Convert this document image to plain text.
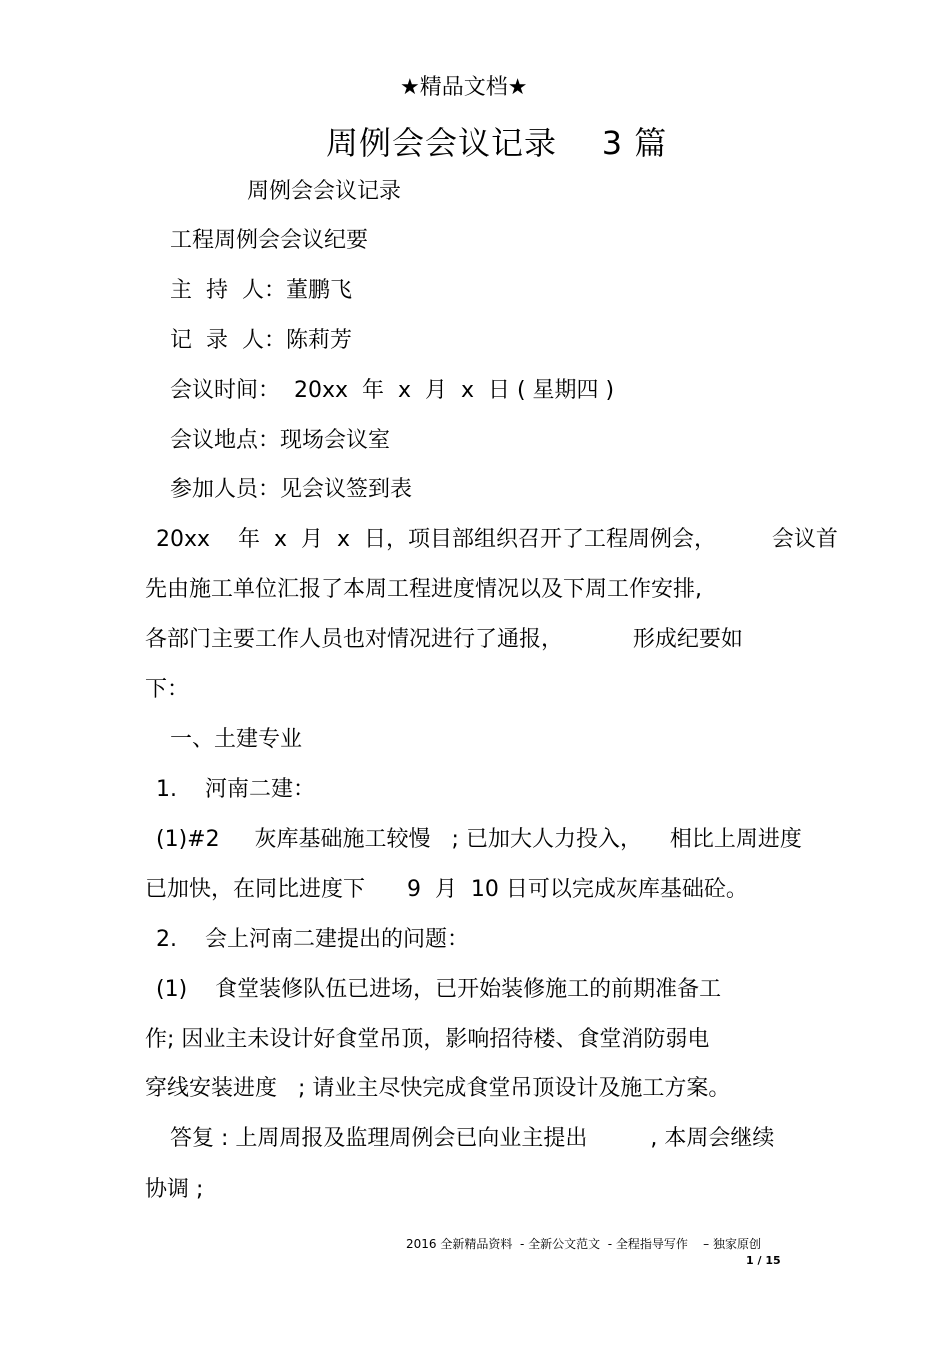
★精品文档★
周例会会议记录    3 篇
周例会会议记录
工程周例会会议纪要
主  持  人：董鹏飞
记  录  人：陈莉芳
会议时间：  20xx  年  x  月  x  日 ( 星期四 )
会议地点：现场会议室
参加人员：见会议签到表
20xx    年  x  月  x  日，项目部组织召开了工程周例会，        会议首
先由施工单位汇报了本周工程进度情况以及下周工作安排,
各部门主要工作人员也对情况进行了通报，          形成纪要如
下：
一、土建专业
1.    河南二建：
(1)#2     灰库基础施工较慢   ; 已加大人力投入，    相比上周进度
已加快，在同比进度下      9  月  10 日可以完成灰库基础砼。
2.    会上河南二建提出的问题：
(1)    食堂装修队伍已进场，已开始装修施工的前期准备工
作; 因业主未设计好食堂吊顶，影响招待楼、食堂消防弱电
穿线安装进度   ; 请业主尽快完成食堂吊顶设计及施工方案。
答复 : 上周周报及监理周例会已向业主提出         , 本周会继续
协调 ;
2016 全新精品资料  - 全新公文范文  - 全程指导写作    – 独家原创
1 / 15
